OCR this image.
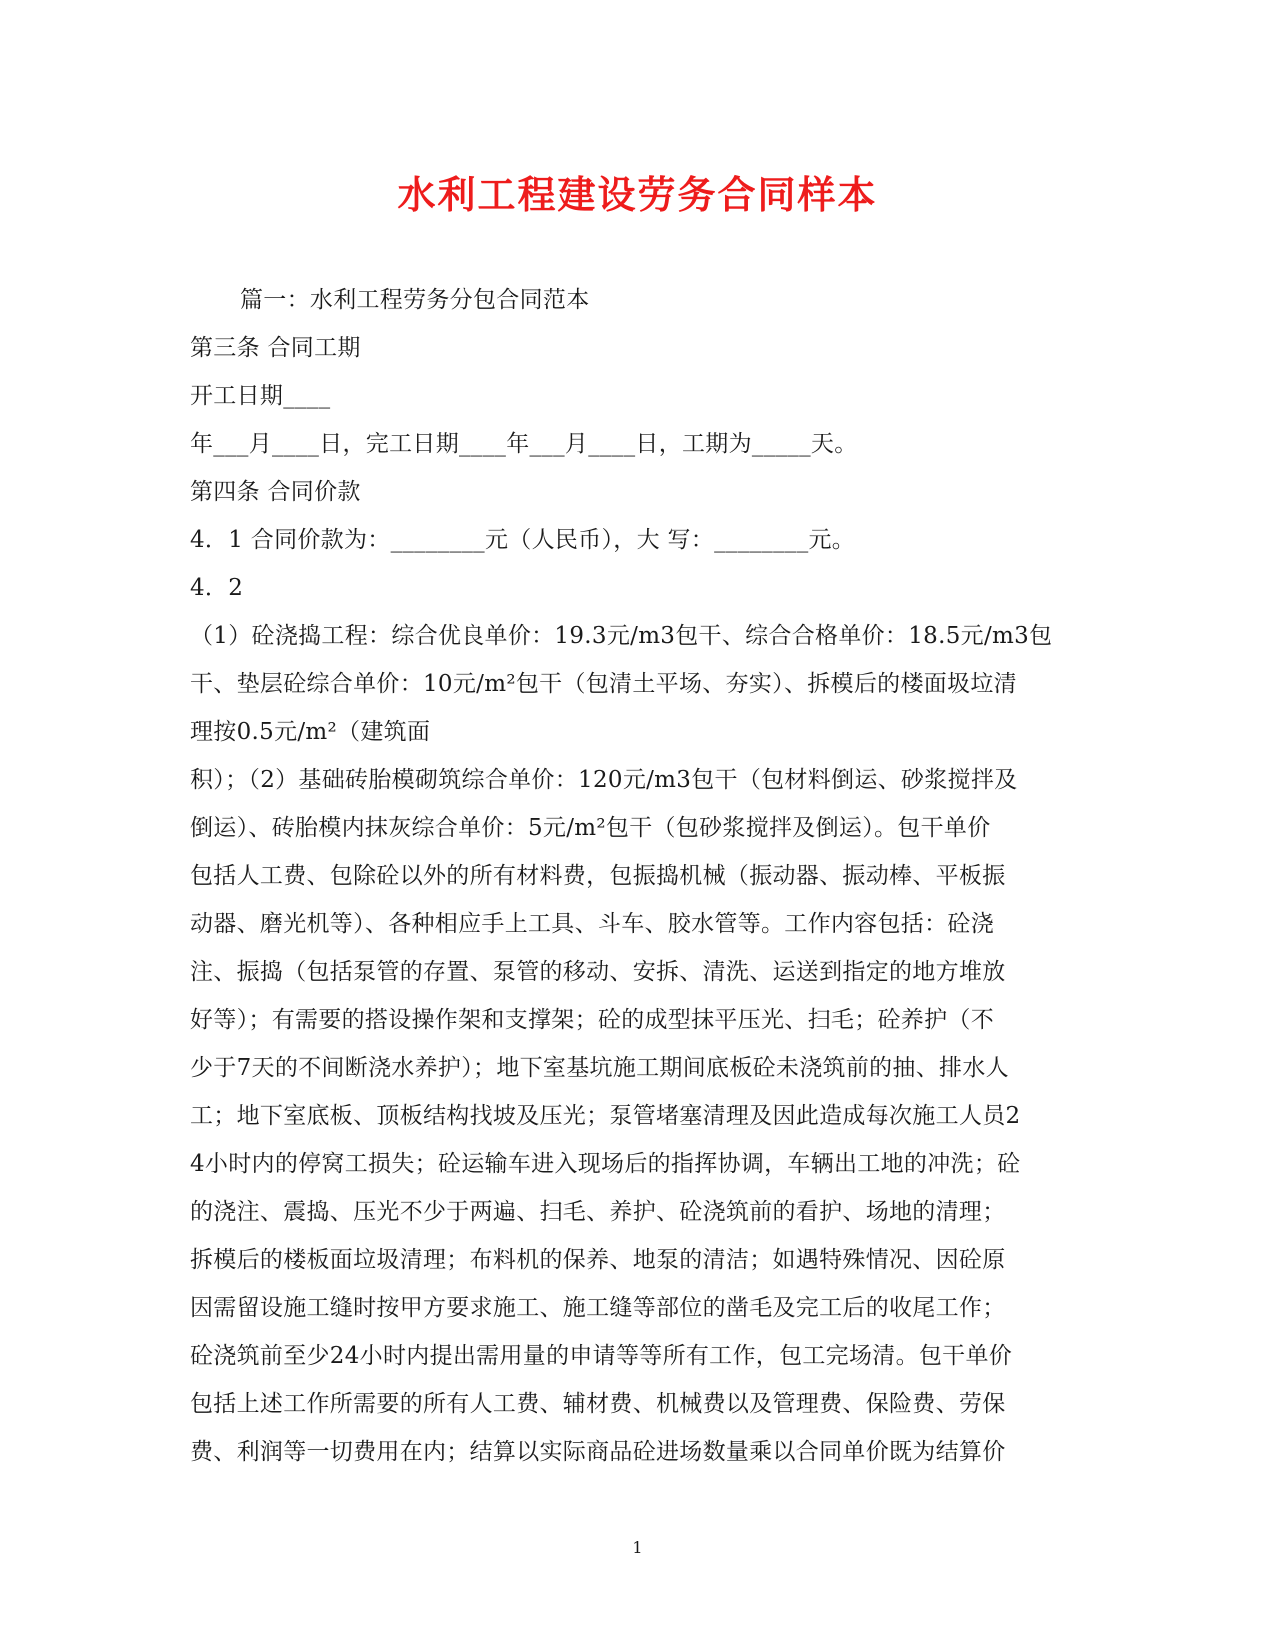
水利工程建设劳务合同样本
篇一：水利工程劳务分包合同范本
第三条 合同工期
开工日期____
年___月____日，完工日期____年___月____日，工期为_____天。
第四条 合同价款
4．1 合同价款为：________元（人民币），大 写：________元。
4．2
（1）砼浇捣工程：综合优良单价：19.3元/m3包干、综合合格单价：18.5元/m3包
干、垫层砼综合单价：10元/m²包干（包清土平场、夯实）、拆模后的楼面圾垃清
理按0.5元/m²（建筑面
积）；（2）基础砖胎模砌筑综合单价：120元/m3包干（包材料倒运、砂浆搅拌及
倒运）、砖胎模内抹灰综合单价：5元/m²包干（包砂浆搅拌及倒运）。包干单价
包括人工费、包除砼以外的所有材料费，包振捣机械（振动器、振动棒、平板振
动器、磨光机等）、各种相应手上工具、斗车、胶水管等。工作内容包括：砼浇
注、振捣（包括泵管的存置、泵管的移动、安拆、清洗、运送到指定的地方堆放
好等）；有需要的搭设操作架和支撑架；砼的成型抹平压光、扫毛；砼养护（不
少于7天的不间断浇水养护）；地下室基坑施工期间底板砼未浇筑前的抽、排水人
工；地下室底板、顶板结构找坡及压光；泵管堵塞清理及因此造成每次施工人员2
4小时内的停窝工损失；砼运输车进入现场后的指挥协调，车辆出工地的冲洗；砼
的浇注、震捣、压光不少于两遍、扫毛、养护、砼浇筑前的看护、场地的清理；
拆模后的楼板面垃圾清理；布料机的保养、地泵的清洁；如遇特殊情况、因砼原
因需留设施工缝时按甲方要求施工、施工缝等部位的凿毛及完工后的收尾工作；
砼浇筑前至少24小时内提出需用量的申请等等所有工作，包工完场清。包干单价
包括上述工作所需要的所有人工费、辅材费、机械费以及管理费、保险费、劳保
费、利润等一切费用在内；结算以实际商品砼进场数量乘以合同单价既为结算价
1
